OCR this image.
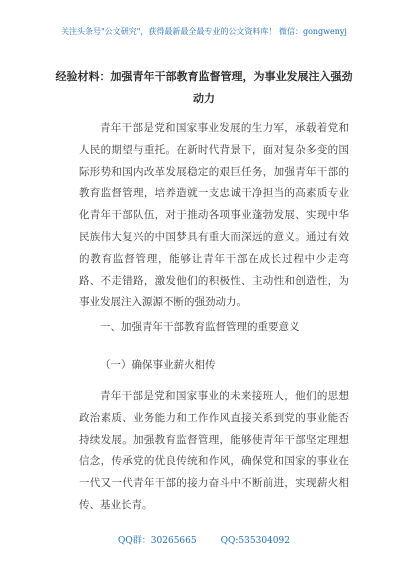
关注头条号"公文研究"，获得最新最全最专业的公文资料库！ 微信：gongwenyj
经验材料：加强青年干部教育监督管理，为事业发展注入强劲动力
青年干部是党和国家事业发展的生力军，承载着党和人民的期望与重托。在新时代背景下，面对复杂多变的国际形势和国内改革发展稳定的艰巨任务，加强青年干部的教育监督管理，培养造就一支忠诚干净担当的高素质专业化青年干部队伍，对于推动各项事业蓬勃发展、实现中华民族伟大复兴的中国梦具有重大而深远的意义。通过有效的教育监督管理，能够让青年干部在成长过程中少走弯路、不走错路，激发他们的积极性、主动性和创造性，为事业发展注入源源不断的强劲动力。
一、加强青年干部教育监督管理的重要意义
（一）确保事业薪火相传
青年干部是党和国家事业的未来接班人，他们的思想政治素质、业务能力和工作作风直接关系到党的事业能否持续发展。加强教育监督管理，能够使青年干部坚定理想信念，传承党的优良传统和作风，确保党和国家的事业在一代又一代青年干部的接力奋斗中不断前进，实现薪火相传、基业长青。
QQ群：30265665	QQ:535304092
